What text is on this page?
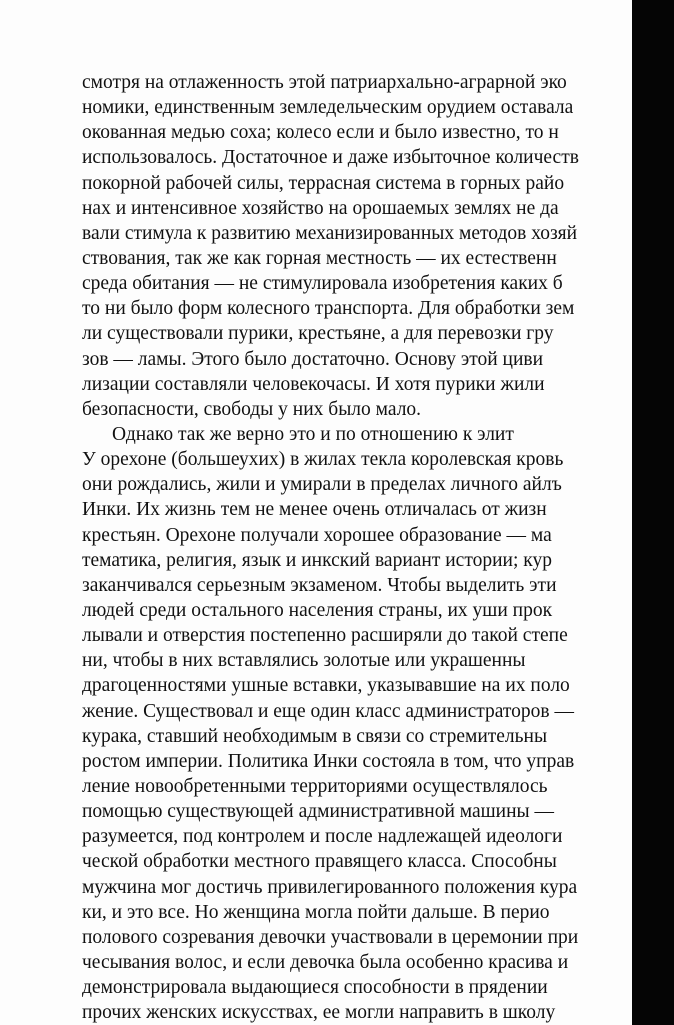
смотря на отлаженность этой патриархально-аграрной эко
номики, единственным земледельческим орудием оставала
окованная медью соха; колесо если и было известно, то н
использовалось. Достаточное и даже избыточное количеств
покорной рабочей силы, террасная система в горных райо
нах и интенсивное хозяйство на орошаемых землях не да
вали стимула к развитию механизированных методов хозяй
ствования, так же как горная местность — их естественн
среда обитания — не стимулировала изобретения каких б
то ни было форм колесного транспорта. Для обработки зем
ли существовали пурики, крестьяне, а для перевозки гру
зов — ламы. Этого было достаточно. Основу этой циви
лизации составляли человекочасы. И хотя пурики жили
безопасности, свободы у них было мало.
Однако так же верно это и по отношению к элит
У орехоне (большеухих) в жилах текла королевская кровь
они рождались, жили и умирали в пределах личного айлъ
Инки. Их жизнь тем не менее очень отличалась от жизн
крестьян. Орехоне получали хорошее образование — ма
тематика, религия, язык и инкский вариант истории; кур
заканчивался серьезным экзаменом. Чтобы выделить эти
людей среди остального населения страны, их уши прок
лывали и отверстия постепенно расширяли до такой степе
ни, чтобы в них вставлялись золотые или украшенны
драгоценностями ушные вставки, указывавшие на их поло
жение. Существовал и еще один класс администраторов —
курака, ставший необходимым в связи со стремительны
ростом империи. Политика Инки состояла в том, что управ
ление новообретенными территориями осуществлялось
помощью существующей административной машины —
разумеется, под контролем и после надлежащей идеологи
ческой обработки местного правящего класса. Способны
мужчина мог достичь привилегированного положения кура
ки, и это все. Но женщина могла пойти дальше. В перио
полового созревания девочки участвовали в церемонии при
чесывания волос, и если девочка была особенно красива и
демонстрировала выдающиеся способности в прядении
прочих женских искусствах, ее могли направить в школу
